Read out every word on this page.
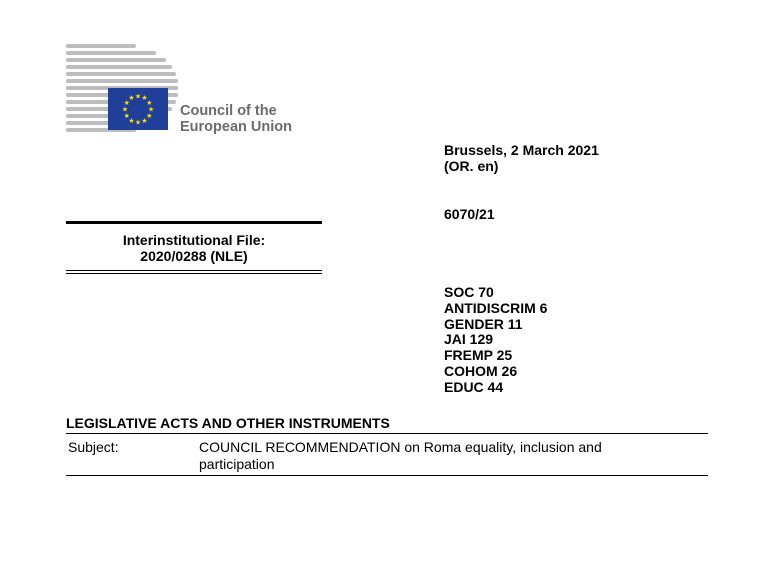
★ ★
★
★
★
★
★
★
★
★
★
★
Council of the
European Union
Brussels, 2 March 2021
(OR. en)
6070/21
Interinstitutional File:
2020/0288 (NLE)
SOC 70
ANTIDISCRIM 6
GENDER 11
JAI 129
FREMP 25
COHOM 26
EDUC 44
LEGISLATIVE ACTS AND OTHER INSTRUMENTS
Subject:	COUNCIL RECOMMENDATION on Roma equality, inclusion and participation
